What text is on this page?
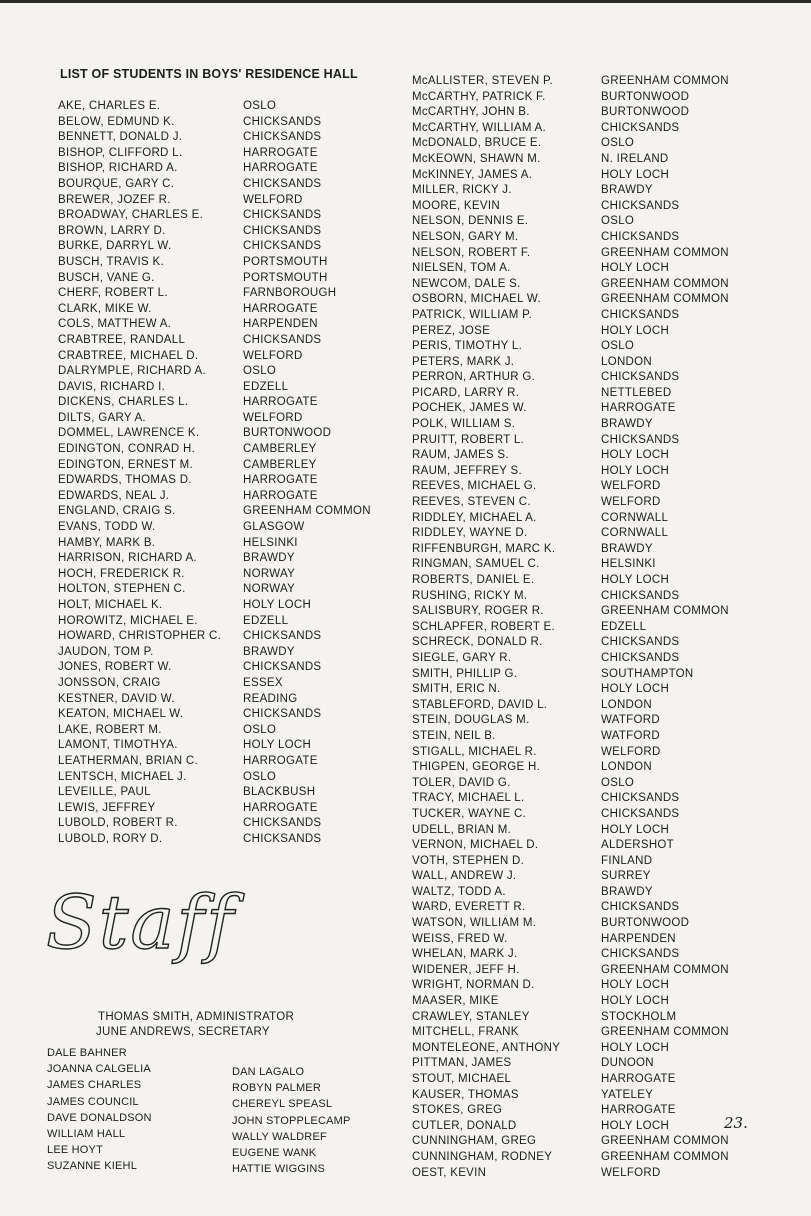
LIST OF STUDENTS IN BOYS' RESIDENCE HALL
AKE, CHARLES E.
BELOW, EDMUND K.
BENNETT, DONALD J.
BISHOP, CLIFFORD L.
BISHOP, RICHARD A.
BOURQUE, GARY C.
BREWER, JOZEF R.
BROADWAY, CHARLES E.
BROWN, LARRY D.
BURKE, DARRYL W.
BUSCH, TRAVIS K.
BUSCH, VANE G.
CHERF, ROBERT L.
CLARK, MIKE W.
COLS, MATTHEW A.
CRABTREE, RANDALL
CRABTREE, MICHAEL D.
DALRYMPLE, RICHARD A.
DAVIS, RICHARD I.
DICKENS, CHARLES L.
DILTS, GARY A.
DOMMEL, LAWRENCE K.
EDINGTON, CONRAD H.
EDINGTON, ERNEST M.
EDWARDS, THOMAS D.
EDWARDS, NEAL J.
ENGLAND, CRAIG S.
EVANS, TODD W.
HAMBY, MARK B.
HARRISON, RICHARD A.
HOCH, FREDERICK R.
HOLTON, STEPHEN C.
HOLT, MICHAEL K.
HOROWITZ, MICHAEL E.
HOWARD, CHRISTOPHER C.
JAUDON, TOM P.
JONES, ROBERT W.
JONSSON, CRAIG
KESTNER, DAVID W.
KEATON, MICHAEL W.
LAKE, ROBERT M.
LAMONT, TIMOTHYA.
LEATHERMAN, BRIAN C.
LENTSCH, MICHAEL J.
LEVEILLE, PAUL
LEWIS, JEFFREY
LUBOLD, ROBERT R.
LUBOLD, RORY D.
OSLO
CHICKSANDS
CHICKSANDS
HARROGATE
HARROGATE
CHICKSANDS
WELFORD
CHICKSANDS
CHICKSANDS
CHICKSANDS
PORTSMOUTH
PORTSMOUTH
FARNBOROUGH
HARROGATE
HARPENDEN
CHICKSANDS
WELFORD
OSLO
EDZELL
HARROGATE
WELFORD
BURTONWOOD
CAMBERLEY
CAMBERLEY
HARROGATE
HARROGATE
GREENHAM COMMON
GLASGOW
HELSINKI
BRAWDY
NORWAY
NORWAY
HOLY LOCH
EDZELL
CHICKSANDS
BRAWDY
CHICKSANDS
ESSEX
READING
CHICKSANDS
OSLO
HOLY LOCH
HARROGATE
OSLO
BLACKBUSH
HARROGATE
CHICKSANDS
CHICKSANDS
McALLISTER, STEVEN P.
McCARTHY, PATRICK F.
McCARTHY, JOHN B.
McCARTHY, WILLIAM A.
McDONALD, BRUCE E.
McKEOWN, SHAWN M.
McKINNEY, JAMES A.
MILLER, RICKY J.
MOORE, KEVIN
NELSON, DENNIS E.
NELSON, GARY M.
NELSON, ROBERT F.
NIELSEN, TOM A.
NEWCOM, DALE S.
OSBORN, MICHAEL W.
PATRICK, WILLIAM P.
PEREZ, JOSE
PERIS, TIMOTHY L.
PETERS, MARK J.
PERRON, ARTHUR G.
PICARD, LARRY R.
POCHEK, JAMES W.
POLK, WILLIAM S.
PRUITT, ROBERT L.
RAUM, JAMES S.
RAUM, JEFFREY S.
REEVES, MICHAEL G.
REEVES, STEVEN C.
RIDDLEY, MICHAEL A.
RIDDLEY, WAYNE D.
RIFFENBURGH, MARC K.
RINGMAN, SAMUEL C.
ROBERTS, DANIEL E.
RUSHING, RICKY M.
SALISBURY, ROGER R.
SCHLAPFER, ROBERT E.
SCHRECK, DONALD R.
SIEGLE, GARY R.
SMITH, PHILLIP G.
SMITH, ERIC N.
STABLEFORD, DAVID L.
STEIN, DOUGLAS M.
STEIN, NEIL B.
STIGALL, MICHAEL R.
THIGPEN, GEORGE H.
TOLER, DAVID G.
TRACY, MICHAEL L.
TUCKER, WAYNE C.
UDELL, BRIAN M.
VERNON, MICHAEL D.
VOTH, STEPHEN D.
WALL, ANDREW J.
WALTZ, TODD A.
WARD, EVERETT R.
WATSON, WILLIAM M.
WEISS, FRED W.
WHELAN, MARK J.
WIDENER, JEFF H.
WRIGHT, NORMAN D.
MAASER, MIKE
CRAWLEY, STANLEY
MITCHELL, FRANK
MONTELEONE, ANTHONY
PITTMAN, JAMES
STOUT, MICHAEL
KAUSER, THOMAS
STOKES, GREG
CUTLER, DONALD
CUNNINGHAM, GREG
CUNNINGHAM, RODNEY
OEST, KEVIN
GREENHAM COMMON
BURTONWOOD
BURTONWOOD
CHICKSANDS
OSLO
N. IRELAND
HOLY LOCH
BRAWDY
CHICKSANDS
OSLO
CHICKSANDS
GREENHAM COMMON
HOLY LOCH
GREENHAM COMMON
GREENHAM COMMON
CHICKSANDS
HOLY LOCH
OSLO
LONDON
CHICKSANDS
NETTLEBED
HARROGATE
BRAWDY
CHICKSANDS
HOLY LOCH
HOLY LOCH
WELFORD
WELFORD
CORNWALL
CORNWALL
BRAWDY
HELSINKI
HOLY LOCH
CHICKSANDS
GREENHAM COMMON
EDZELL
CHICKSANDS
CHICKSANDS
SOUTHAMPTON
HOLY LOCH
LONDON
WATFORD
WATFORD
WELFORD
LONDON
OSLO
CHICKSANDS
CHICKSANDS
HOLY LOCH
ALDERSHOT
FINLAND
SURREY
BRAWDY
CHICKSANDS
BURTONWOOD
HARPENDEN
CHICKSANDS
GREENHAM COMMON
HOLY LOCH
HOLY LOCH
STOCKHOLM
GREENHAM COMMON
HOLY LOCH
DUNOON
HARROGATE
YATELEY
HARROGATE
HOLY LOCH
GREENHAM COMMON
GREENHAM COMMON
WELFORD
Staff
THOMAS SMITH, ADMINISTRATOR
JUNE ANDREWS, SECRETARY
DALE BAHNER
JOANNA CALGELIA
JAMES CHARLES
JAMES COUNCIL
DAVE DONALDSON
WILLIAM HALL
LEE HOYT
SUZANNE KIEHL
DAN LAGALO
ROBYN PALMER
CHEREYL SPEASL
JOHN STOPPLECAMP
WALLY WALDREF
EUGENE WANK
HATTIE WIGGINS
23.
